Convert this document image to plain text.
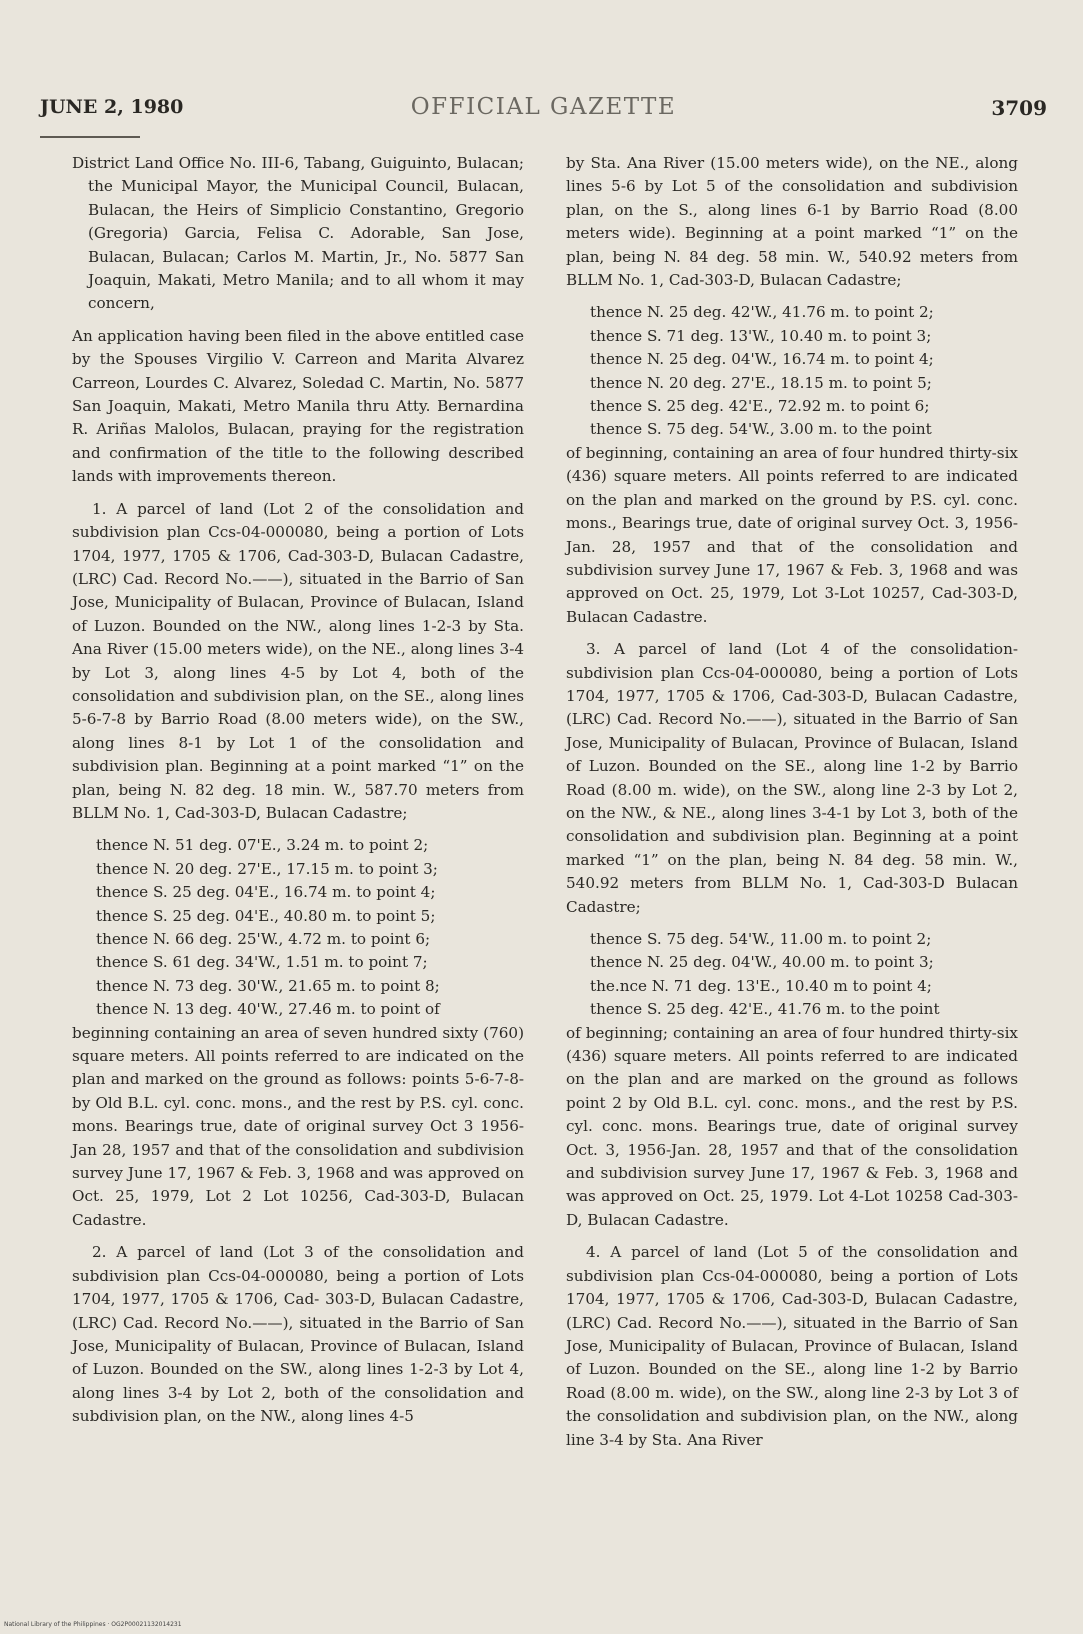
JUNE 2, 1980	OFFICIAL GAZETTE	3709

District Land Office No. III-6, Tabang, Guiguinto, Bulacan; the Municipal Mayor, the Municipal Council, Bulacan, Bulacan, the Heirs of Simplicio Constantino, Gregorio (Gregoria) Garcia, Felisa C. Adorable, San Jose, Bulacan, Bulacan; Carlos M. Martin, Jr., No. 5877 San Joaquin, Makati, Metro Manila; and to all whom it may concern,

An application having been filed in the above entitled case by the Spouses Virgilio V. Carreon and Marita Alvarez Carreon, Lourdes C. Alvarez, Soledad C. Martin, No. 5877 San Joaquin, Makati, Metro Manila thru Atty. Bernardina R. Ariñas Malolos, Bulacan, praying for the registration and confirmation of the title to the following described lands with improvements thereon.

1. A parcel of land (Lot 2 of the consolidation and subdivision plan Ccs-04-000080, being a portion of Lots 1704, 1977, 1705 & 1706, Cad-303-D, Bulacan Cadastre, (LRC) Cad. Record No.——), situated in the Barrio of San Jose, Municipality of Bulacan, Province of Bulacan, Island of Luzon. Bounded on the NW., along lines 1-2-3 by Sta. Ana River (15.00 meters wide), on the NE., along lines 3-4 by Lot 3, along lines 4-5 by Lot 4, both of the consolidation and subdivision plan, on the SE., along lines 5-6-7-8 by Barrio Road (8.00 meters wide), on the SW., along lines 8-1 by Lot 1 of the consolidation and subdivision plan. Beginning at a point marked “1” on the plan, being N. 82 deg. 18 min. W., 587.70 meters from BLLM No. 1, Cad-303-D, Bulacan Cadastre;

thence N. 51 deg. 07'E., 3.24 m. to point 2;
thence N. 20 deg. 27'E., 17.15 m. to point 3;
thence S. 25 deg. 04'E., 16.74 m. to point 4;
thence S. 25 deg. 04'E., 40.80 m. to point 5;
thence N. 66 deg. 25'W., 4.72 m. to point 6;
thence S. 61 deg. 34'W., 1.51 m. to point 7;
thence N. 73 deg. 30'W., 21.65 m. to point 8;
thence N. 13 deg. 40'W., 27.46 m. to point of

beginning containing an area of seven hundred sixty (760) square meters. All points referred to are indicated on the plan and marked on the ground as follows: points 5-6-7-8- by Old B.L. cyl. conc. mons., and the rest by P.S. cyl. conc. mons. Bearings true, date of original survey Oct 3 1956-Jan 28, 1957 and that of the consolidation and subdivision survey June 17, 1967 & Feb. 3, 1968 and was approved on Oct. 25, 1979, Lot 2 Lot 10256, Cad-303-D, Bulacan Cadastre.

2. A parcel of land (Lot 3 of the consolidation and subdivision plan Ccs-04-000080, being a portion of Lots 1704, 1977, 1705 & 1706, Cad- 303-D, Bulacan Cadastre, (LRC) Cad. Record No.——), situated in the Barrio of San Jose, Municipality of Bulacan, Province of Bulacan, Island of Luzon. Bounded on the SW., along lines 1-2-3 by Lot 4, along lines 3-4 by Lot 2, both of the consolidation and subdivision plan, on the NW., along lines 4-5

by Sta. Ana River (15.00 meters wide), on the NE., along lines 5-6 by Lot 5 of the consolidation and subdivision plan, on the S., along lines 6-1 by Barrio Road (8.00 meters wide). Beginning at a point marked “1” on the plan, being N. 84 deg. 58 min. W., 540.92 meters from BLLM No. 1, Cad-303-D, Bulacan Cadastre;

thence N. 25 deg. 42'W., 41.76 m. to point 2;
thence S. 71 deg. 13'W., 10.40 m. to point 3;
thence N. 25 deg. 04'W., 16.74 m. to point 4;
thence N. 20 deg. 27'E., 18.15 m. to point 5;
thence S. 25 deg. 42'E., 72.92 m. to point 6;
thence S. 75 deg. 54'W., 3.00 m. to the point

of beginning, containing an area of four hundred thirty-six (436) square meters. All points referred to are indicated on the plan and marked on the ground by P.S. cyl. conc. mons., Bearings true, date of original survey Oct. 3, 1956-Jan. 28, 1957 and that of the consolidation and subdivision survey June 17, 1967 & Feb. 3, 1968 and was approved on Oct. 25, 1979, Lot 3-Lot 10257, Cad-303-D, Bulacan Cadastre.

3. A parcel of land (Lot 4 of the consolidation-subdivision plan Ccs-04-000080, being a portion of Lots 1704, 1977, 1705 & 1706, Cad-303-D, Bulacan Cadastre, (LRC) Cad. Record No.——), situated in the Barrio of San Jose, Municipality of Bulacan, Province of Bulacan, Island of Luzon. Bounded on the SE., along line 1-2 by Barrio Road (8.00 m. wide), on the SW., along line 2-3 by Lot 2, on the NW., & NE., along lines 3-4-1 by Lot 3, both of the consolidation and subdivision plan. Beginning at a point marked “1” on the plan, being N. 84 deg. 58 min. W., 540.92 meters from BLLM No. 1, Cad-303-D Bulacan Cadastre;

thence S. 75 deg. 54'W., 11.00 m. to point 2;
thence N. 25 deg. 04'W., 40.00 m. to point 3;
the.nce N. 71 deg. 13'E., 10.40 m to point 4;
thence S. 25 deg. 42'E., 41.76 m. to the point

of beginning; containing an area of four hundred thirty-six (436) square meters. All points referred to are indicated on the plan and are marked on the ground as follows point 2 by Old B.L. cyl. conc. mons., and the rest by P.S. cyl. conc. mons. Bearings true, date of original survey Oct. 3, 1956-Jan. 28, 1957 and that of the consolidation and subdivision survey June 17, 1967 & Feb. 3, 1968 and was approved on Oct. 25, 1979. Lot 4-Lot 10258 Cad-303-D, Bulacan Cadastre.

4. A parcel of land (Lot 5 of the consolidation and subdivision plan Ccs-04-000080, being a portion of Lots 1704, 1977, 1705 & 1706, Cad-303-D, Bulacan Cadastre, (LRC) Cad. Record No.——), situated in the Barrio of San Jose, Municipality of Bulacan, Province of Bulacan, Island of Luzon. Bounded on the SE., along line 1-2 by Barrio Road (8.00 m. wide), on the SW., along line 2-3 by Lot 3 of the consolidation and subdivision plan, on the NW., along line 3-4 by Sta. Ana River

National Library of the Philippines · OG2P00021132014231
